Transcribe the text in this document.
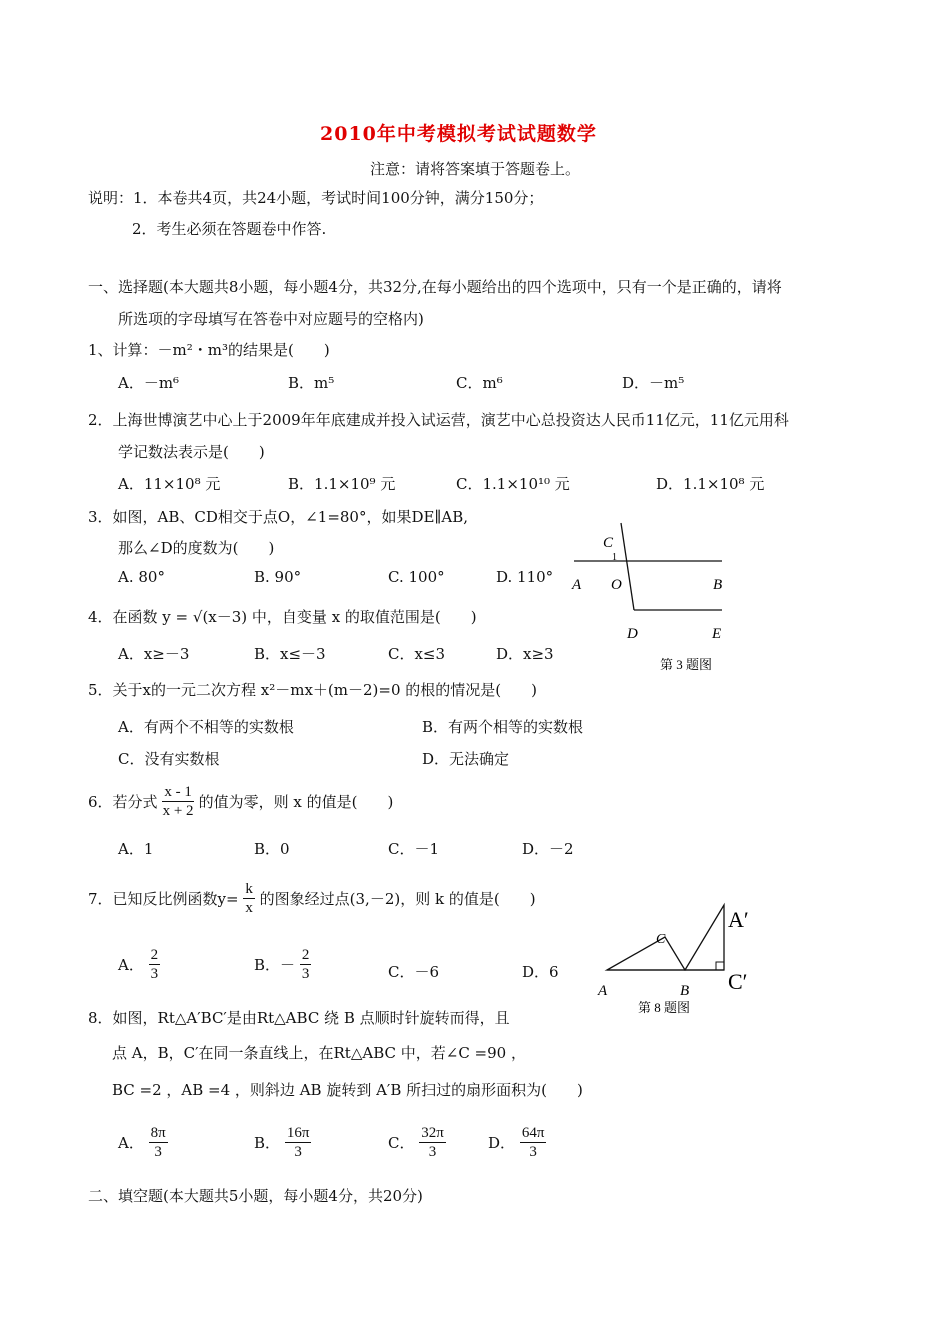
2010年中考模拟考试试题数学
注意：请将答案填于答题卷上。
说明：1．本卷共4页，共24小题，考试时间100分钟，满分150分；
2．考生必须在答题卷中作答.
一、选择题(本大题共8小题，每小题4分，共32分,在每小题给出的四个选项中，只有一个是正确的，请将
所选项的字母填写在答卷中对应题号的空格内)
1、计算：－m²・m³的结果是(　　)
A．－m⁶	B．m⁵	C．m⁶	D．－m⁵
2．上海世博演艺中心上于2009年年底建成并投入试运营，演艺中心总投资达人民币11亿元，11亿元用科
学记数法表示是(　　)
A．11×10⁸ 元	B．1.1×10⁹ 元	C．1.1×10¹⁰ 元	D．1.1×10⁸ 元
3．如图，AB、CD相交于点O，∠1=80°，如果DE∥AB,
那么∠D的度数为(　　)
A. 80°	B. 90°	C. 100°	D. 110°
C
1
A O	B
D	E
第 3 题图
4．在函数 y = √(x－3) 中，自变量 x 的取值范围是(　　)
A．x≥－3	B．x≤－3	C．x≤3	D．x≥3
5．关于x的一元二次方程 x²－mx＋(m－2)=0 的根的情况是(　　)
A．有两个不相等的实数根	B．有两个相等的实数根
C．没有实数根	D．无法确定
6．若分式 $\frac{x - 1}{x + 2}$ 的值为零，则 x 的值是(　　)
A．1	B．0	C．－1	D．－2
7．已知反比例函数$y= \frac{k}{x}$ 的图象经过点(3,－2)，则 k 的值是(　　)
A． $\frac{2}{3}$	B．－ $\frac{2}{3}$	C．－6	D．6
C
A	B
A′
C′
第 8 题图
8．如图，Rt△A′BC′是由Rt△ABC 绕 B 点顺时针旋转而得，且
点 A，B，C′在同一条直线上，在Rt△ABC 中，若∠C =90 ，
BC =2 ，AB =4 ，则斜边 AB 旋转到 A′B 所扫过的扇形面积为(　　)
A． $\frac{8\pi}{3}$	B． $\frac{16\pi}{3}$	C． $\frac{32\pi}{3}$	D． $\frac{64\pi}{3}$
二、填空题(本大题共5小题，每小题4分，共20分)
